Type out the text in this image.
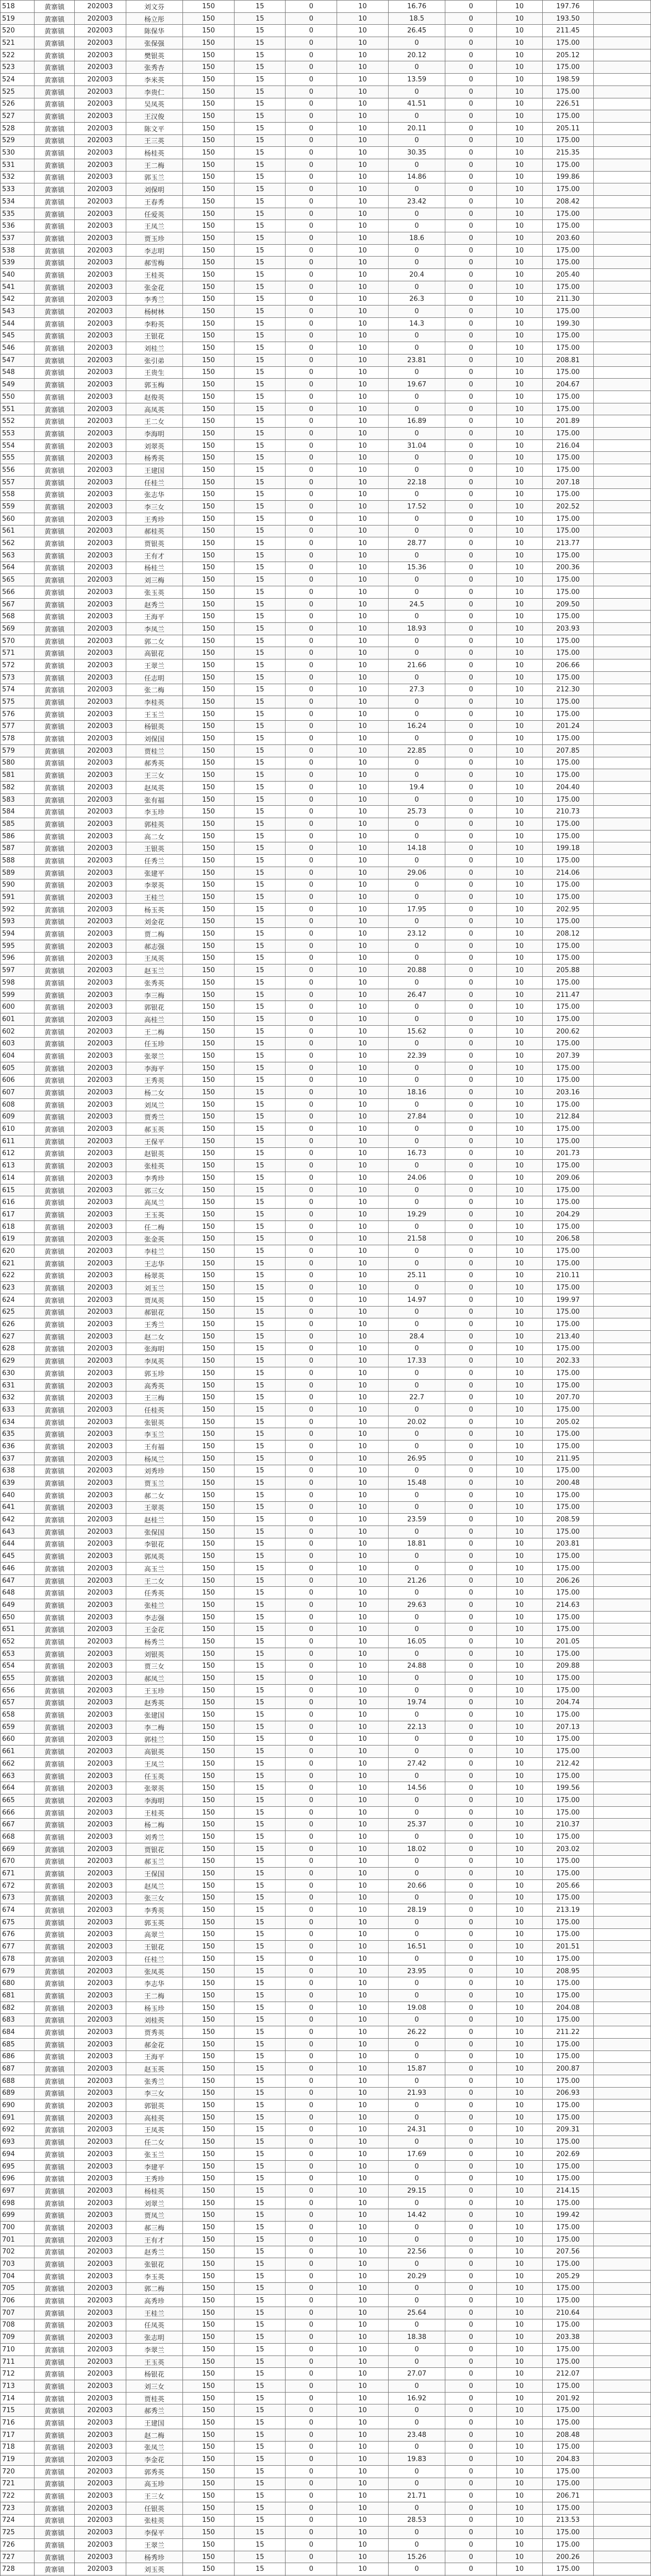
518	黄寨镇	202003	刘文芬	150	15	0	10	16.76	0	10	197.76	
519	黄寨镇	202003	杨立彤	150	15	0	10	18.5	0	10	193.50	
520	黄寨镇	202003	陈保华	150	15	0	10	26.45	0	10	211.45	
521	黄寨镇	202003	张保强	150	15	0	10	0	0	10	175.00	
522	黄寨镇	202003	樊银英	150	15	0	10	20.12	0	10	205.12	
523	黄寨镇	202003	张秀杏	150	15	0	10	0	0	10	175.00	
524	黄寨镇	202003	李米英	150	15	0	10	13.59	0	10	198.59	
525	黄寨镇	202003	李贵仁	150	15	0	10	0	0	10	175.00	
526	黄寨镇	202003	吴凤英	150	15	0	10	41.51	0	10	226.51	
527	黄寨镇	202003	王汉俊	150	15	0	10	0	0	10	175.00	
528	黄寨镇	202003	陈文平	150	15	0	10	20.11	0	10	205.11	
529	黄寨镇	202003	王三英	150	15	0	10	0	0	10	175.00	
530	黄寨镇	202003	杨桂英	150	15	0	10	30.35	0	10	215.35	
531	黄寨镇	202003	王二梅	150	15	0	10	0	0	10	175.00	
532	黄寨镇	202003	郭玉兰	150	15	0	10	14.86	0	10	199.86	
533	黄寨镇	202003	刘保明	150	15	0	10	0	0	10	175.00	
534	黄寨镇	202003	王春秀	150	15	0	10	23.42	0	10	208.42	
535	黄寨镇	202003	任爱英	150	15	0	10	0	0	10	175.00	
536	黄寨镇	202003	王凤兰	150	15	0	10	0	0	10	175.00	
537	黄寨镇	202003	贾玉珍	150	15	0	10	18.6	0	10	203.60	
538	黄寨镇	202003	李志明	150	15	0	10	0	0	10	175.00	
539	黄寨镇	202003	郝雪梅	150	15	0	10	0	0	10	175.00	
540	黄寨镇	202003	王桂英	150	15	0	10	20.4	0	10	205.40	
541	黄寨镇	202003	张金花	150	15	0	10	0	0	10	175.00	
542	黄寨镇	202003	李秀兰	150	15	0	10	26.3	0	10	211.30	
543	黄寨镇	202003	杨树林	150	15	0	10	0	0	10	175.00	
544	黄寨镇	202003	李粉英	150	15	0	10	14.3	0	10	199.30	
545	黄寨镇	202003	王银花	150	15	0	10	0	0	10	175.00	
546	黄寨镇	202003	刘桂兰	150	15	0	10	0	0	10	175.00	
547	黄寨镇	202003	张引弟	150	15	0	10	23.81	0	10	208.81	
548	黄寨镇	202003	王贵生	150	15	0	10	0	0	10	175.00	
549	黄寨镇	202003	郭玉梅	150	15	0	10	19.67	0	10	204.67	
550	黄寨镇	202003	赵俊英	150	15	0	10	0	0	10	175.00	
551	黄寨镇	202003	高凤英	150	15	0	10	0	0	10	175.00	
552	黄寨镇	202003	王二女	150	15	0	10	16.89	0	10	201.89	
553	黄寨镇	202003	李海明	150	15	0	10	0	0	10	175.00	
554	黄寨镇	202003	刘翠英	150	15	0	10	31.04	0	10	216.04	
555	黄寨镇	202003	杨秀英	150	15	0	10	0	0	10	175.00	
556	黄寨镇	202003	王建国	150	15	0	10	0	0	10	175.00	
557	黄寨镇	202003	任桂兰	150	15	0	10	22.18	0	10	207.18	
558	黄寨镇	202003	张志华	150	15	0	10	0	0	10	175.00	
559	黄寨镇	202003	李三女	150	15	0	10	17.52	0	10	202.52	
560	黄寨镇	202003	王秀珍	150	15	0	10	0	0	10	175.00	
561	黄寨镇	202003	郝桂英	150	15	0	10	0	0	10	175.00	
562	黄寨镇	202003	贾银英	150	15	0	10	28.77	0	10	213.77	
563	黄寨镇	202003	王有才	150	15	0	10	0	0	10	175.00	
564	黄寨镇	202003	杨桂兰	150	15	0	10	15.36	0	10	200.36	
565	黄寨镇	202003	刘三梅	150	15	0	10	0	0	10	175.00	
566	黄寨镇	202003	张玉英	150	15	0	10	0	0	10	175.00	
567	黄寨镇	202003	赵秀兰	150	15	0	10	24.5	0	10	209.50	
568	黄寨镇	202003	王海平	150	15	0	10	0	0	10	175.00	
569	黄寨镇	202003	李凤兰	150	15	0	10	18.93	0	10	203.93	
570	黄寨镇	202003	郭二女	150	15	0	10	0	0	10	175.00	
571	黄寨镇	202003	高银花	150	15	0	10	0	0	10	175.00	
572	黄寨镇	202003	王翠兰	150	15	0	10	21.66	0	10	206.66	
573	黄寨镇	202003	任志明	150	15	0	10	0	0	10	175.00	
574	黄寨镇	202003	张二梅	150	15	0	10	27.3	0	10	212.30	
575	黄寨镇	202003	李桂英	150	15	0	10	0	0	10	175.00	
576	黄寨镇	202003	王玉兰	150	15	0	10	0	0	10	175.00	
577	黄寨镇	202003	杨银英	150	15	0	10	16.24	0	10	201.24	
578	黄寨镇	202003	刘保国	150	15	0	10	0	0	10	175.00	
579	黄寨镇	202003	贾桂兰	150	15	0	10	22.85	0	10	207.85	
580	黄寨镇	202003	郝秀英	150	15	0	10	0	0	10	175.00	
581	黄寨镇	202003	王三女	150	15	0	10	0	0	10	175.00	
582	黄寨镇	202003	赵凤英	150	15	0	10	19.4	0	10	204.40	
583	黄寨镇	202003	张有福	150	15	0	10	0	0	10	175.00	
584	黄寨镇	202003	李玉珍	150	15	0	10	25.73	0	10	210.73	
585	黄寨镇	202003	郭桂英	150	15	0	10	0	0	10	175.00	
586	黄寨镇	202003	高二女	150	15	0	10	0	0	10	175.00	
587	黄寨镇	202003	王银英	150	15	0	10	14.18	0	10	199.18	
588	黄寨镇	202003	任秀兰	150	15	0	10	0	0	10	175.00	
589	黄寨镇	202003	张建平	150	15	0	10	29.06	0	10	214.06	
590	黄寨镇	202003	李翠英	150	15	0	10	0	0	10	175.00	
591	黄寨镇	202003	王桂兰	150	15	0	10	0	0	10	175.00	
592	黄寨镇	202003	杨玉英	150	15	0	10	17.95	0	10	202.95	
593	黄寨镇	202003	刘金花	150	15	0	10	0	0	10	175.00	
594	黄寨镇	202003	贾二梅	150	15	0	10	23.12	0	10	208.12	
595	黄寨镇	202003	郝志强	150	15	0	10	0	0	10	175.00	
596	黄寨镇	202003	王凤英	150	15	0	10	0	0	10	175.00	
597	黄寨镇	202003	赵玉兰	150	15	0	10	20.88	0	10	205.88	
598	黄寨镇	202003	张秀英	150	15	0	10	0	0	10	175.00	
599	黄寨镇	202003	李三梅	150	15	0	10	26.47	0	10	211.47	
600	黄寨镇	202003	郭银花	150	15	0	10	0	0	10	175.00	
601	黄寨镇	202003	高桂兰	150	15	0	10	0	0	10	175.00	
602	黄寨镇	202003	王二梅	150	15	0	10	15.62	0	10	200.62	
603	黄寨镇	202003	任玉珍	150	15	0	10	0	0	10	175.00	
604	黄寨镇	202003	张翠兰	150	15	0	10	22.39	0	10	207.39	
605	黄寨镇	202003	李海平	150	15	0	10	0	0	10	175.00	
606	黄寨镇	202003	王秀英	150	15	0	10	0	0	10	175.00	
607	黄寨镇	202003	杨二女	150	15	0	10	18.16	0	10	203.16	
608	黄寨镇	202003	刘凤兰	150	15	0	10	0	0	10	175.00	
609	黄寨镇	202003	贾秀兰	150	15	0	10	27.84	0	10	212.84	
610	黄寨镇	202003	郝玉英	150	15	0	10	0	0	10	175.00	
611	黄寨镇	202003	王保平	150	15	0	10	0	0	10	175.00	
612	黄寨镇	202003	赵银英	150	15	0	10	16.73	0	10	201.73	
613	黄寨镇	202003	张桂英	150	15	0	10	0	0	10	175.00	
614	黄寨镇	202003	李秀珍	150	15	0	10	24.06	0	10	209.06	
615	黄寨镇	202003	郭三女	150	15	0	10	0	0	10	175.00	
616	黄寨镇	202003	高凤兰	150	15	0	10	0	0	10	175.00	
617	黄寨镇	202003	王玉英	150	15	0	10	19.29	0	10	204.29	
618	黄寨镇	202003	任二梅	150	15	0	10	0	0	10	175.00	
619	黄寨镇	202003	张金英	150	15	0	10	21.58	0	10	206.58	
620	黄寨镇	202003	李桂兰	150	15	0	10	0	0	10	175.00	
621	黄寨镇	202003	王志华	150	15	0	10	0	0	10	175.00	
622	黄寨镇	202003	杨翠英	150	15	0	10	25.11	0	10	210.11	
623	黄寨镇	202003	刘玉兰	150	15	0	10	0	0	10	175.00	
624	黄寨镇	202003	贾凤英	150	15	0	10	14.97	0	10	199.97	
625	黄寨镇	202003	郝银花	150	15	0	10	0	0	10	175.00	
626	黄寨镇	202003	王秀兰	150	15	0	10	0	0	10	175.00	
627	黄寨镇	202003	赵二女	150	15	0	10	28.4	0	10	213.40	
628	黄寨镇	202003	张海明	150	15	0	10	0	0	10	175.00	
629	黄寨镇	202003	李凤英	150	15	0	10	17.33	0	10	202.33	
630	黄寨镇	202003	郭玉珍	150	15	0	10	0	0	10	175.00	
631	黄寨镇	202003	高秀英	150	15	0	10	0	0	10	175.00	
632	黄寨镇	202003	王三梅	150	15	0	10	22.7	0	10	207.70	
633	黄寨镇	202003	任桂英	150	15	0	10	0	0	10	175.00	
634	黄寨镇	202003	张银英	150	15	0	10	20.02	0	10	205.02	
635	黄寨镇	202003	李玉兰	150	15	0	10	0	0	10	175.00	
636	黄寨镇	202003	王有福	150	15	0	10	0	0	10	175.00	
637	黄寨镇	202003	杨凤兰	150	15	0	10	26.95	0	10	211.95	
638	黄寨镇	202003	刘秀珍	150	15	0	10	0	0	10	175.00	
639	黄寨镇	202003	贾玉兰	150	15	0	10	15.48	0	10	200.48	
640	黄寨镇	202003	郝二女	150	15	0	10	0	0	10	175.00	
641	黄寨镇	202003	王翠英	150	15	0	10	0	0	10	175.00	
642	黄寨镇	202003	赵桂兰	150	15	0	10	23.59	0	10	208.59	
643	黄寨镇	202003	张保国	150	15	0	10	0	0	10	175.00	
644	黄寨镇	202003	李银花	150	15	0	10	18.81	0	10	203.81	
645	黄寨镇	202003	郭凤英	150	15	0	10	0	0	10	175.00	
646	黄寨镇	202003	高玉兰	150	15	0	10	0	0	10	175.00	
647	黄寨镇	202003	王二女	150	15	0	10	21.26	0	10	206.26	
648	黄寨镇	202003	任秀英	150	15	0	10	0	0	10	175.00	
649	黄寨镇	202003	张桂兰	150	15	0	10	29.63	0	10	214.63	
650	黄寨镇	202003	李志强	150	15	0	10	0	0	10	175.00	
651	黄寨镇	202003	王金花	150	15	0	10	0	0	10	175.00	
652	黄寨镇	202003	杨秀兰	150	15	0	10	16.05	0	10	201.05	
653	黄寨镇	202003	刘银英	150	15	0	10	0	0	10	175.00	
654	黄寨镇	202003	贾三女	150	15	0	10	24.88	0	10	209.88	
655	黄寨镇	202003	郝凤兰	150	15	0	10	0	0	10	175.00	
656	黄寨镇	202003	王玉珍	150	15	0	10	0	0	10	175.00	
657	黄寨镇	202003	赵秀英	150	15	0	10	19.74	0	10	204.74	
658	黄寨镇	202003	张建国	150	15	0	10	0	0	10	175.00	
659	黄寨镇	202003	李二梅	150	15	0	10	22.13	0	10	207.13	
660	黄寨镇	202003	郭桂兰	150	15	0	10	0	0	10	175.00	
661	黄寨镇	202003	高银英	150	15	0	10	0	0	10	175.00	
662	黄寨镇	202003	王凤兰	150	15	0	10	27.42	0	10	212.42	
663	黄寨镇	202003	任玉英	150	15	0	10	0	0	10	175.00	
664	黄寨镇	202003	张翠英	150	15	0	10	14.56	0	10	199.56	
665	黄寨镇	202003	李海明	150	15	0	10	0	0	10	175.00	
666	黄寨镇	202003	王桂英	150	15	0	10	0	0	10	175.00	
667	黄寨镇	202003	杨二梅	150	15	0	10	25.37	0	10	210.37	
668	黄寨镇	202003	刘秀兰	150	15	0	10	0	0	10	175.00	
669	黄寨镇	202003	贾银花	150	15	0	10	18.02	0	10	203.02	
670	黄寨镇	202003	郝玉兰	150	15	0	10	0	0	10	175.00	
671	黄寨镇	202003	王保国	150	15	0	10	0	0	10	175.00	
672	黄寨镇	202003	赵凤兰	150	15	0	10	20.66	0	10	205.66	
673	黄寨镇	202003	张三女	150	15	0	10	0	0	10	175.00	
674	黄寨镇	202003	李秀英	150	15	0	10	28.19	0	10	213.19	
675	黄寨镇	202003	郭玉英	150	15	0	10	0	0	10	175.00	
676	黄寨镇	202003	高翠兰	150	15	0	10	0	0	10	175.00	
677	黄寨镇	202003	王银花	150	15	0	10	16.51	0	10	201.51	
678	黄寨镇	202003	任桂兰	150	15	0	10	0	0	10	175.00	
679	黄寨镇	202003	张凤英	150	15	0	10	23.95	0	10	208.95	
680	黄寨镇	202003	李志华	150	15	0	10	0	0	10	175.00	
681	黄寨镇	202003	王二梅	150	15	0	10	0	0	10	175.00	
682	黄寨镇	202003	杨玉珍	150	15	0	10	19.08	0	10	204.08	
683	黄寨镇	202003	刘桂英	150	15	0	10	0	0	10	175.00	
684	黄寨镇	202003	贾秀英	150	15	0	10	26.22	0	10	211.22	
685	黄寨镇	202003	郝金花	150	15	0	10	0	0	10	175.00	
686	黄寨镇	202003	王海平	150	15	0	10	0	0	10	175.00	
687	黄寨镇	202003	赵玉英	150	15	0	10	15.87	0	10	200.87	
688	黄寨镇	202003	张秀兰	150	15	0	10	0	0	10	175.00	
689	黄寨镇	202003	李三女	150	15	0	10	21.93	0	10	206.93	
690	黄寨镇	202003	郭银英	150	15	0	10	0	0	10	175.00	
691	黄寨镇	202003	高桂英	150	15	0	10	0	0	10	175.00	
692	黄寨镇	202003	王凤英	150	15	0	10	24.31	0	10	209.31	
693	黄寨镇	202003	任二女	150	15	0	10	0	0	10	175.00	
694	黄寨镇	202003	张玉兰	150	15	0	10	17.69	0	10	202.69	
695	黄寨镇	202003	李建平	150	15	0	10	0	0	10	175.00	
696	黄寨镇	202003	王秀珍	150	15	0	10	0	0	10	175.00	
697	黄寨镇	202003	杨桂英	150	15	0	10	29.15	0	10	214.15	
698	黄寨镇	202003	刘翠兰	150	15	0	10	0	0	10	175.00	
699	黄寨镇	202003	贾凤兰	150	15	0	10	14.42	0	10	199.42	
700	黄寨镇	202003	郝三梅	150	15	0	10	0	0	10	175.00	
701	黄寨镇	202003	王有才	150	15	0	10	0	0	10	175.00	
702	黄寨镇	202003	赵秀兰	150	15	0	10	22.56	0	10	207.56	
703	黄寨镇	202003	张银花	150	15	0	10	0	0	10	175.00	
704	黄寨镇	202003	李玉英	150	15	0	10	20.29	0	10	205.29	
705	黄寨镇	202003	郭二梅	150	15	0	10	0	0	10	175.00	
706	黄寨镇	202003	高秀珍	150	15	0	10	0	0	10	175.00	
707	黄寨镇	202003	王桂兰	150	15	0	10	25.64	0	10	210.64	
708	黄寨镇	202003	任凤英	150	15	0	10	0	0	10	175.00	
709	黄寨镇	202003	张志明	150	15	0	10	18.38	0	10	203.38	
710	黄寨镇	202003	李翠兰	150	15	0	10	0	0	10	175.00	
711	黄寨镇	202003	王玉英	150	15	0	10	0	0	10	175.00	
712	黄寨镇	202003	杨银花	150	15	0	10	27.07	0	10	212.07	
713	黄寨镇	202003	刘三女	150	15	0	10	0	0	10	175.00	
714	黄寨镇	202003	贾桂英	150	15	0	10	16.92	0	10	201.92	
715	黄寨镇	202003	郝秀兰	150	15	0	10	0	0	10	175.00	
716	黄寨镇	202003	王建国	150	15	0	10	0	0	10	175.00	
717	黄寨镇	202003	赵二梅	150	15	0	10	23.48	0	10	208.48	
718	黄寨镇	202003	张凤兰	150	15	0	10	0	0	10	175.00	
719	黄寨镇	202003	李金花	150	15	0	10	19.83	0	10	204.83	
720	黄寨镇	202003	郭秀英	150	15	0	10	0	0	10	175.00	
721	黄寨镇	202003	高玉珍	150	15	0	10	0	0	10	175.00	
722	黄寨镇	202003	王三女	150	15	0	10	21.71	0	10	206.71	
723	黄寨镇	202003	任银英	150	15	0	10	0	0	10	175.00	
724	黄寨镇	202003	张桂英	150	15	0	10	28.53	0	10	213.53	
725	黄寨镇	202003	李保平	150	15	0	10	0	0	10	175.00	
726	黄寨镇	202003	王翠兰	150	15	0	10	0	0	10	175.00	
727	黄寨镇	202003	杨秀珍	150	15	0	10	15.26	0	10	200.26	
728	黄寨镇	202003	刘玉英	150	15	0	10	0	0	10	175.00	
